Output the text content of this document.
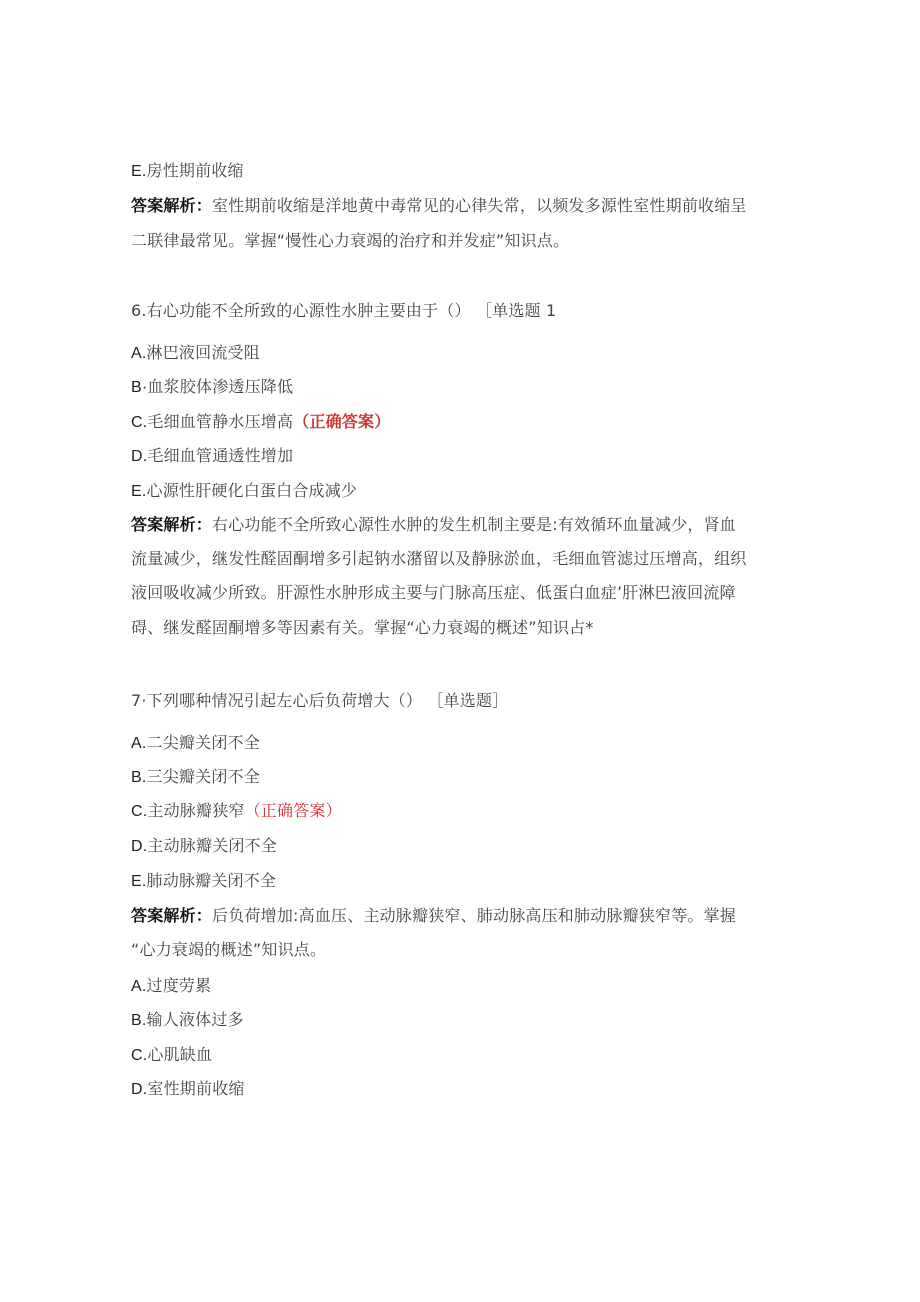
E.房性期前收缩
答案解析：室性期前收缩是洋地黄中毒常见的心律失常，以频发多源性室性期前收缩呈
二联律最常见。掌握“慢性心力衰竭的治疗和并发症”知识点。
6.右心功能不全所致的心源性水肿主要由于（） ［单选题 1
A.淋巴液回流受阻
B·血浆胶体渗透压降低
C.毛细血管静水压增高（正确答案）
D.毛细血管通透性增加
E.心源性肝硬化白蛋白合成减少
答案解析：右心功能不全所致心源性水肿的发生机制主要是:有效循环血量减少，肾血
流量减少，继发性醛固酮增多引起钠水潴留以及静脉淤血，毛细血管滤过压增高，组织
液回吸收减少所致。肝源性水肿形成主要与门脉高压症、低蛋白血症’肝淋巴液回流障
碍、继发醛固酮增多等因素有关。掌握“心力衰竭的概述”知识占*
7·下列哪种情况引起左心后负荷增大（） ［单选题］
A.二尖瓣关闭不全
B.三尖瓣关闭不全
C.主动脉瓣狭窄（正确答案）
D.主动脉瓣关闭不全
E.肺动脉瓣关闭不全
答案解析：后负荷增加:高血压、主动脉瓣狭窄、肺动脉高压和肺动脉瓣狭窄等。掌握
“心力衰竭的概述”知识点。
A.过度劳累
B.输人液体过多
C.心肌缺血
D.室性期前收缩
